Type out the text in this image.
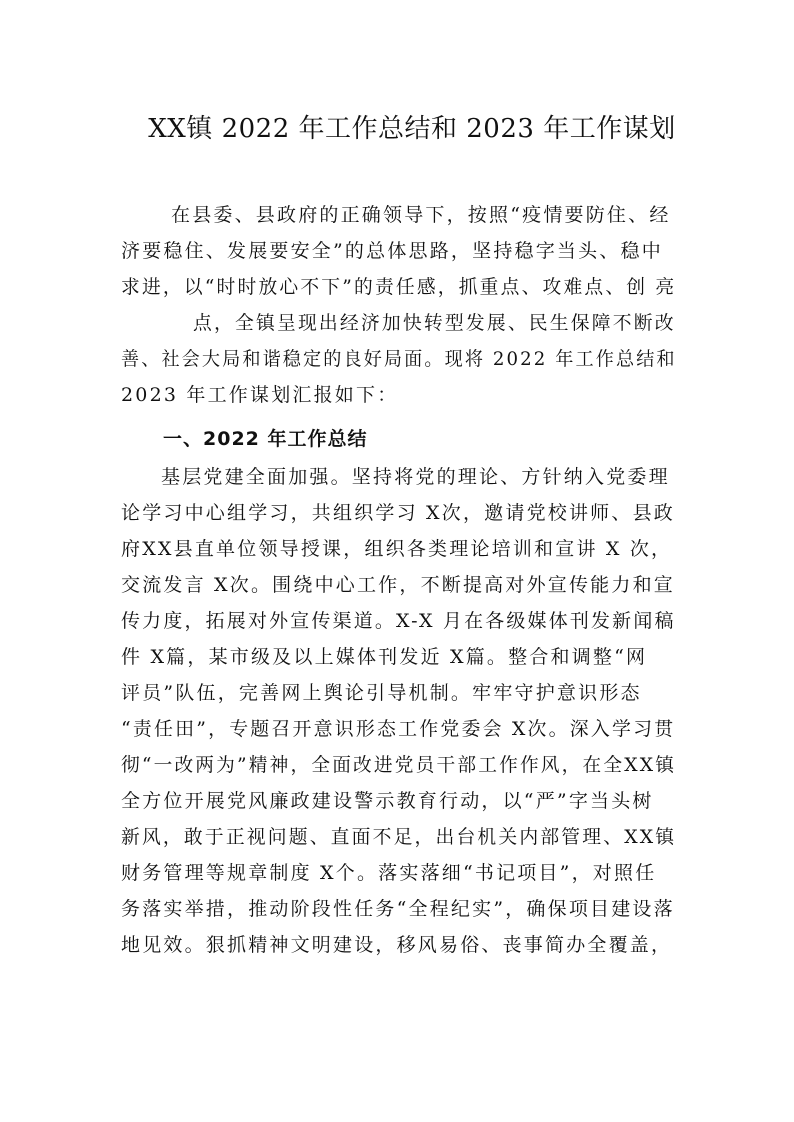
XX镇 2022 年工作总结和 2023 年工作谋划

在县委、县政府的正确领导下，按照“疫情要防住、经

济要稳住、发展要安全”的总体思路，坚持稳字当头、稳中

求进，以“时时放心不下”的责任感，抓重点、攻难点、创 亮

点，全镇呈现出经济加快转型发展、民生保障不断改

善、社会大局和谐稳定的良好局面。现将 2022 年工作总结和

2023 年工作谋划汇报如下：

一、2022 年工作总结

基层党建全面加强。坚持将党的理论、方针纳入党委理

论学习中心组学习，共组织学习 X次，邀请党校讲师、县政

府XX县直单位领导授课，组织各类理论培训和宣讲 X 次，

交流发言 X次。围绕中心工作，不断提高对外宣传能力和宣

传力度，拓展对外宣传渠道。X-X 月在各级媒体刊发新闻稿

件 X篇，某市级及以上媒体刊发近 X篇。整合和调整“网

评员”队伍，完善网上舆论引导机制。牢牢守护意识形态

“责任田”，专题召开意识形态工作党委会 X次。深入学习贯

彻“一改两为”精神，全面改进党员干部工作作风，在全XX镇

全方位开展党风廉政建设警示教育行动，以“严”字当头树

新风，敢于正视问题、直面不足，出台机关内部管理、XX镇

财务管理等规章制度 X个。落实落细“书记项目”，对照任

务落实举措，推动阶段性任务“全程纪实”，确保项目建设落

地见效。狠抓精神文明建设，移风易俗、丧事简办全覆盖，
